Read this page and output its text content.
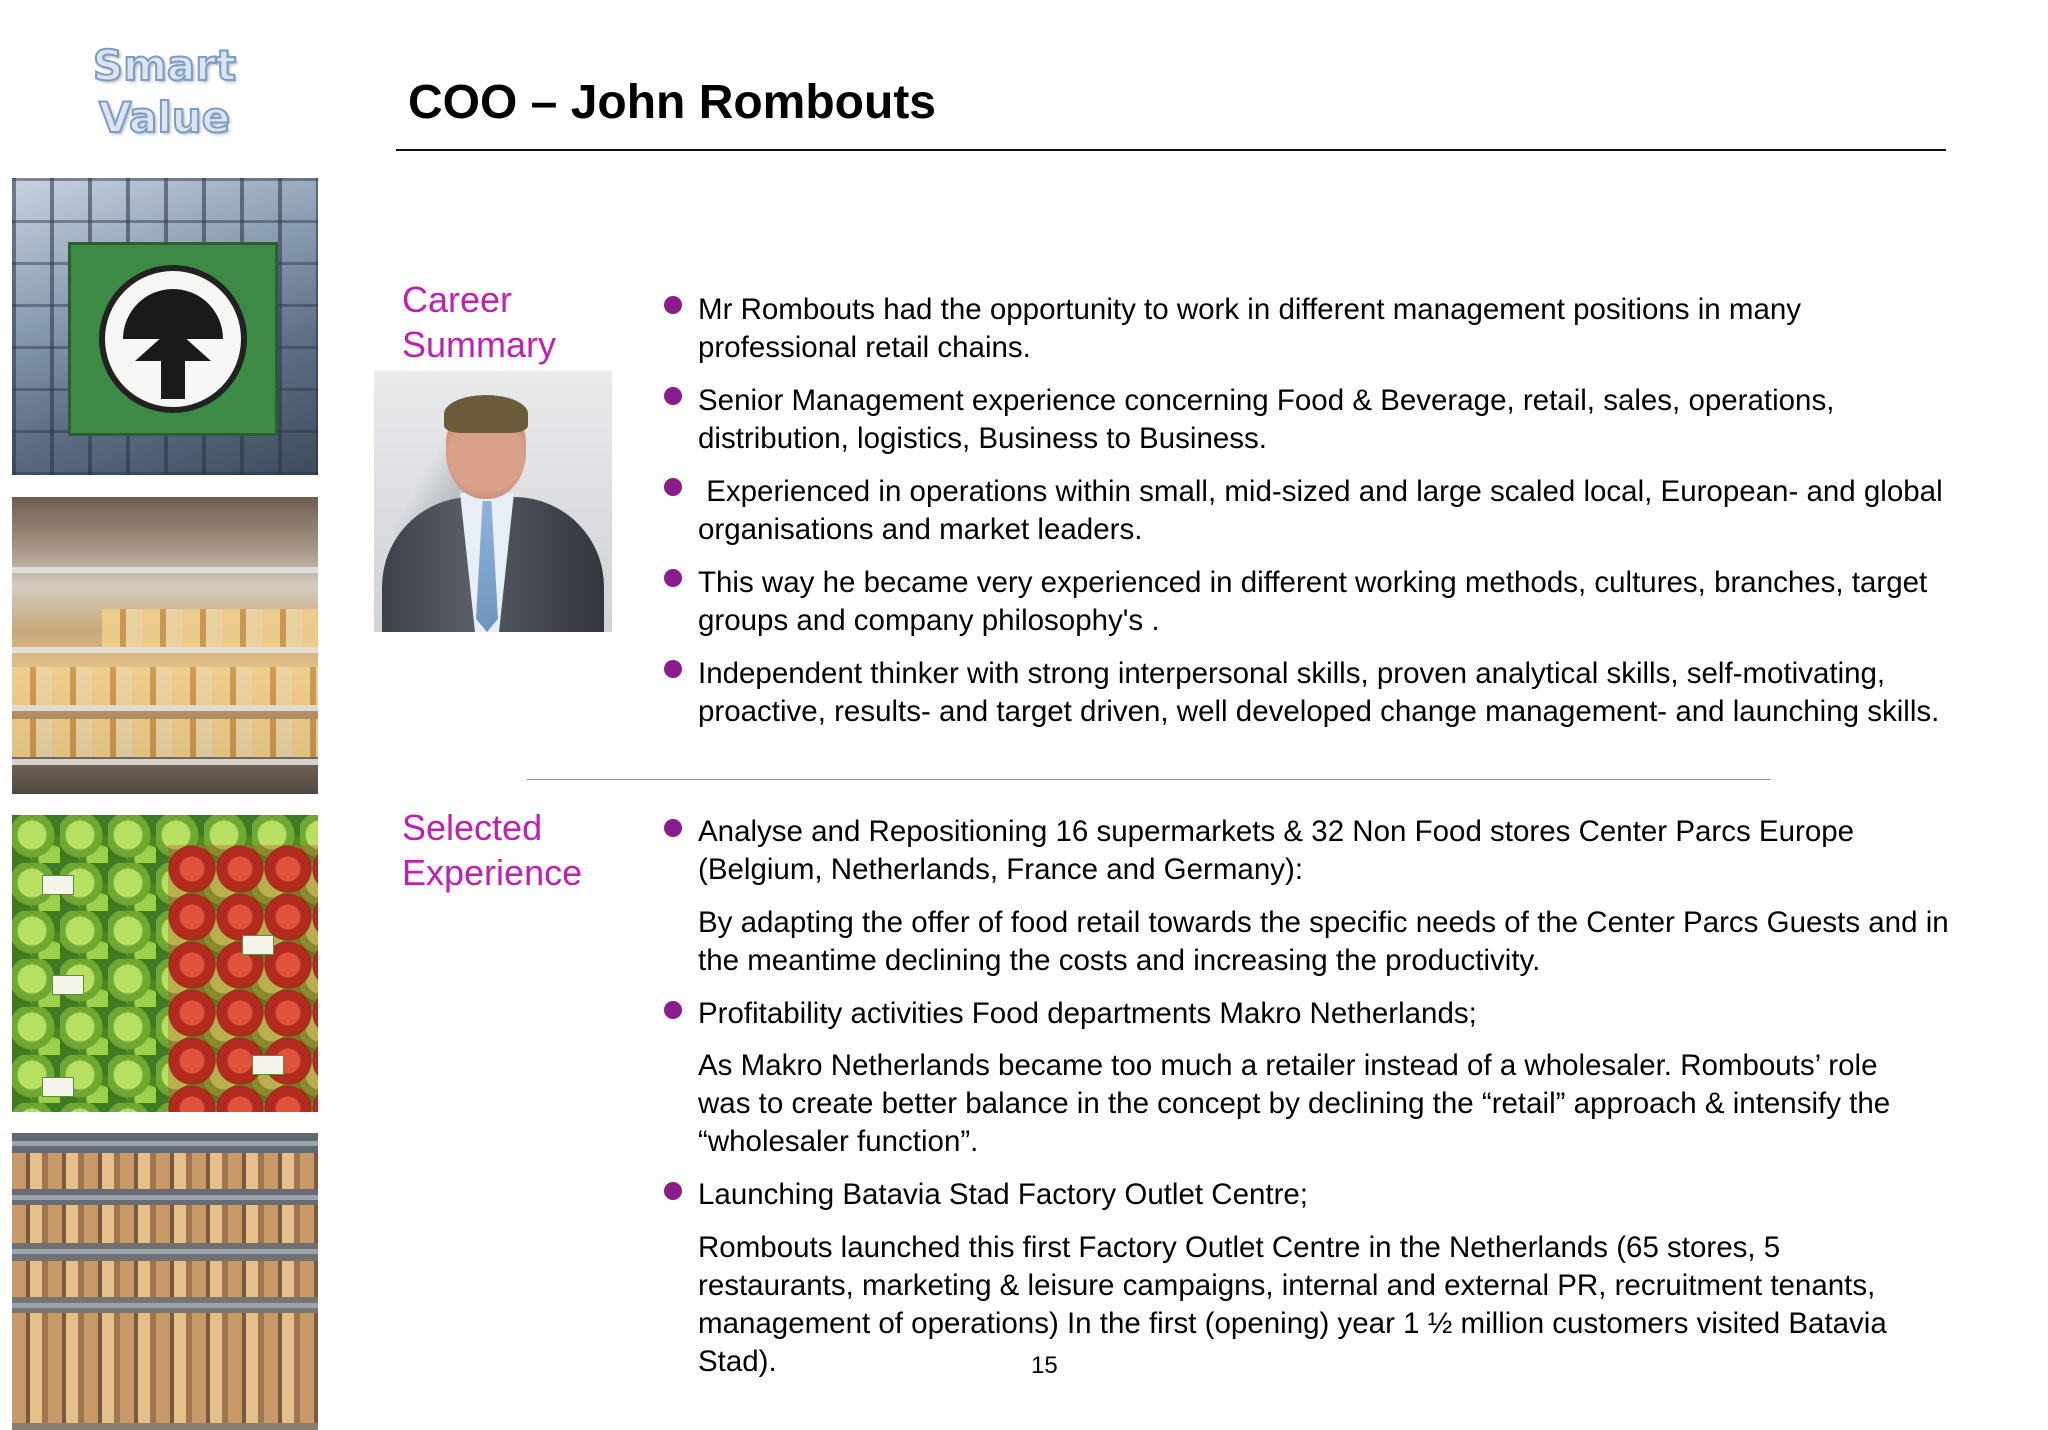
Smart
Value	COO – John Rombouts
Career
Summary
Mr Rombouts had the opportunity to work in different management positions in many professional retail chains.
Senior Management experience concerning Food & Beverage, retail, sales, operations, distribution, logistics, Business to Business.
Experienced in operations within small, mid-sized and large scaled local, European- and global organisations and market leaders.
This way he became very experienced in different working methods, cultures, branches, target groups and company philosophy's .
Independent thinker with strong interpersonal skills, proven analytical skills, self-motivating, proactive, results- and target driven, well developed change management- and launching skills.
Selected
Experience
Analyse and Repositioning 16 supermarkets & 32 Non Food stores Center Parcs Europe (Belgium, Netherlands, France and Germany):
By adapting the offer of food retail towards the specific needs of the Center Parcs Guests and in the meantime declining the costs and increasing the productivity.
Profitability activities Food departments Makro Netherlands;
As Makro Netherlands became too much a retailer instead of a wholesaler. Rombouts’ role was to create better balance in the concept by declining the “retail” approach & intensify the “wholesaler function”.
Launching Batavia Stad Factory Outlet Centre;
Rombouts launched this first Factory Outlet Centre in the Netherlands (65 stores, 5 restaurants, marketing & leisure campaigns, internal and external PR, recruitment tenants, management of operations) In the first (opening) year 1 ½ million customers visited Batavia Stad).	15
